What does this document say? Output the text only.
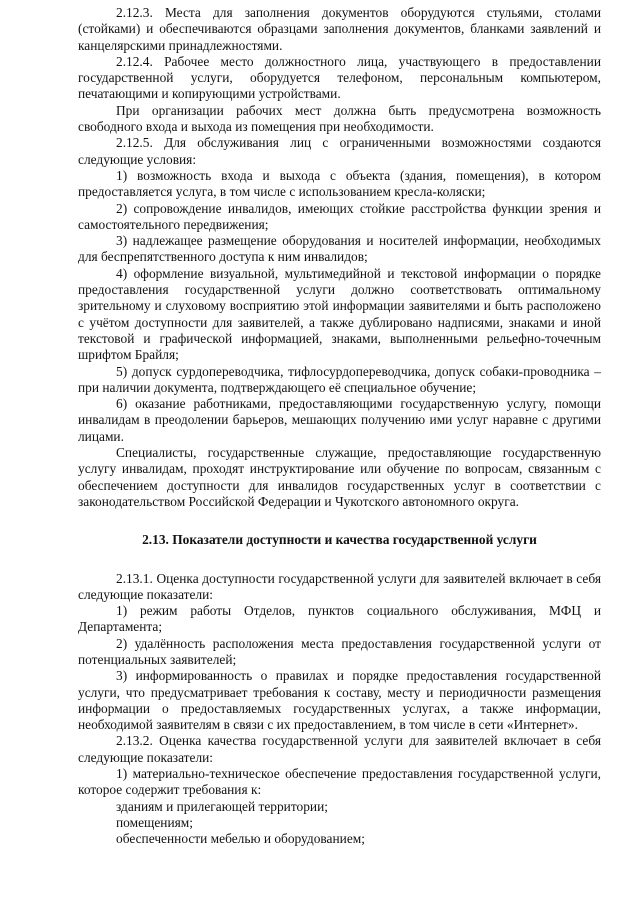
2.12.3. Места для заполнения документов оборудуются стульями, столами (стойками) и обеспечиваются образцами заполнения документов, бланками заявлений и канцелярскими принадлежностями.

2.12.4. Рабочее место должностного лица, участвующего в предоставлении государственной услуги, оборудуется телефоном, персональным компьютером, печатающими и копирующими устройствами.

При организации рабочих мест должна быть предусмотрена возможность свободного входа и выхода из помещения при необходимости.

2.12.5. Для обслуживания лиц с ограниченными возможностями создаются следующие условия:

1) возможность входа и выхода с объекта (здания, помещения), в котором предоставляется услуга, в том числе с использованием кресла-коляски;

2) сопровождение инвалидов, имеющих стойкие расстройства функции зрения и самостоятельного передвижения;

3) надлежащее размещение оборудования и носителей информации, необходимых для беспрепятственного доступа к ним инвалидов;

4) оформление визуальной, мультимедийной и текстовой информации о порядке предоставления государственной услуги должно соответствовать оптимальному зрительному и слуховому восприятию этой информации заявителями и быть расположено с учётом доступности для заявителей, а также дублировано надписями, знаками и иной текстовой и графической информацией, знаками, выполненными рельефно-точечным шрифтом Брайля;

5) допуск сурдопереводчика, тифлосурдопереводчика, допуск собаки-проводника – при наличии документа, подтверждающего её специальное обучение;

6) оказание работниками, предоставляющими государственную услугу, помощи инвалидам в преодолении барьеров, мешающих получению ими услуг наравне с другими лицами.

Специалисты, государственные служащие, предоставляющие государственную услугу инвалидам, проходят инструктирование или обучение по вопросам, связанным с обеспечением доступности для инвалидов государственных услуг в соответствии с законодательством Российской Федерации и Чукотского автономного округа.

2.13. Показатели доступности и качества государственной услуги

2.13.1. Оценка доступности государственной услуги для заявителей включает в себя следующие показатели:

1) режим работы Отделов, пунктов социального обслуживания, МФЦ и Департамента;

2) удалённость расположения места предоставления государственной услуги от потенциальных заявителей;

3) информированность о правилах и порядке предоставления государственной услуги, что предусматривает требования к составу, месту и периодичности размещения информации о предоставляемых государственных услугах, а также информации, необходимой заявителям в связи с их предоставлением, в том числе в сети «Интернет».

2.13.2. Оценка качества государственной услуги для заявителей включает в себя следующие показатели:

1) материально-техническое обеспечение предоставления государственной услуги, которое содержит требования к:

зданиям и прилегающей территории;

помещениям;

обеспеченности мебелью и оборудованием;
